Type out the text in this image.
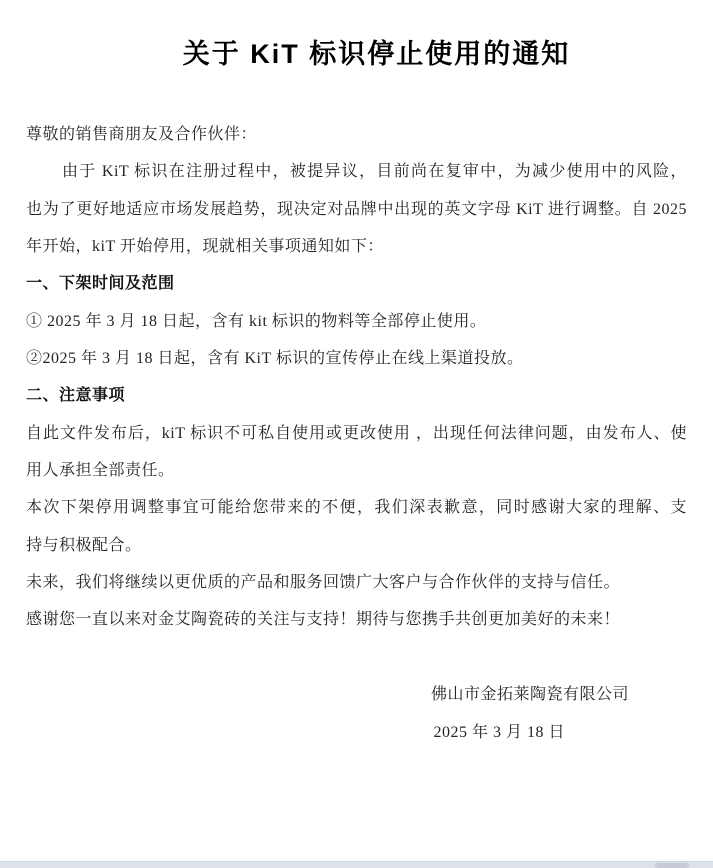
关于 KiT 标识停止使用的通知
尊敬的销售商朋友及合作伙伴：
由于 KiT 标识在注册过程中，被提异议，目前尚在复审中，为减少使用中的风险，
也为了更好地适应市场发展趋势，现决定对品牌中出现的英文字母 KiT 进行调整。自 2025
年开始，kiT 开始停用，现就相关事项通知如下：
一、下架时间及范围
① 2025 年 3 月 18 日起，含有 kit 标识的物料等全部停止使用。
②2025 年 3 月 18 日起，含有 KiT 标识的宣传停止在线上渠道投放。
二、注意事项
自此文件发布后，kiT 标识不可私自使用或更改使用 ，出现任何法律问题，由发布人、使
用人承担全部责任。
本次下架停用调整事宜可能给您带来的不便，我们深表歉意，同时感谢大家的理解、支
持与积极配合。
未来，我们将继续以更优质的产品和服务回馈广大客户与合作伙伴的支持与信任。
感谢您一直以来对金艾陶瓷砖的关注与支持！期待与您携手共创更加美好的未来！
佛山市金拓莱陶瓷有限公司
2025 年 3 月 18 日
